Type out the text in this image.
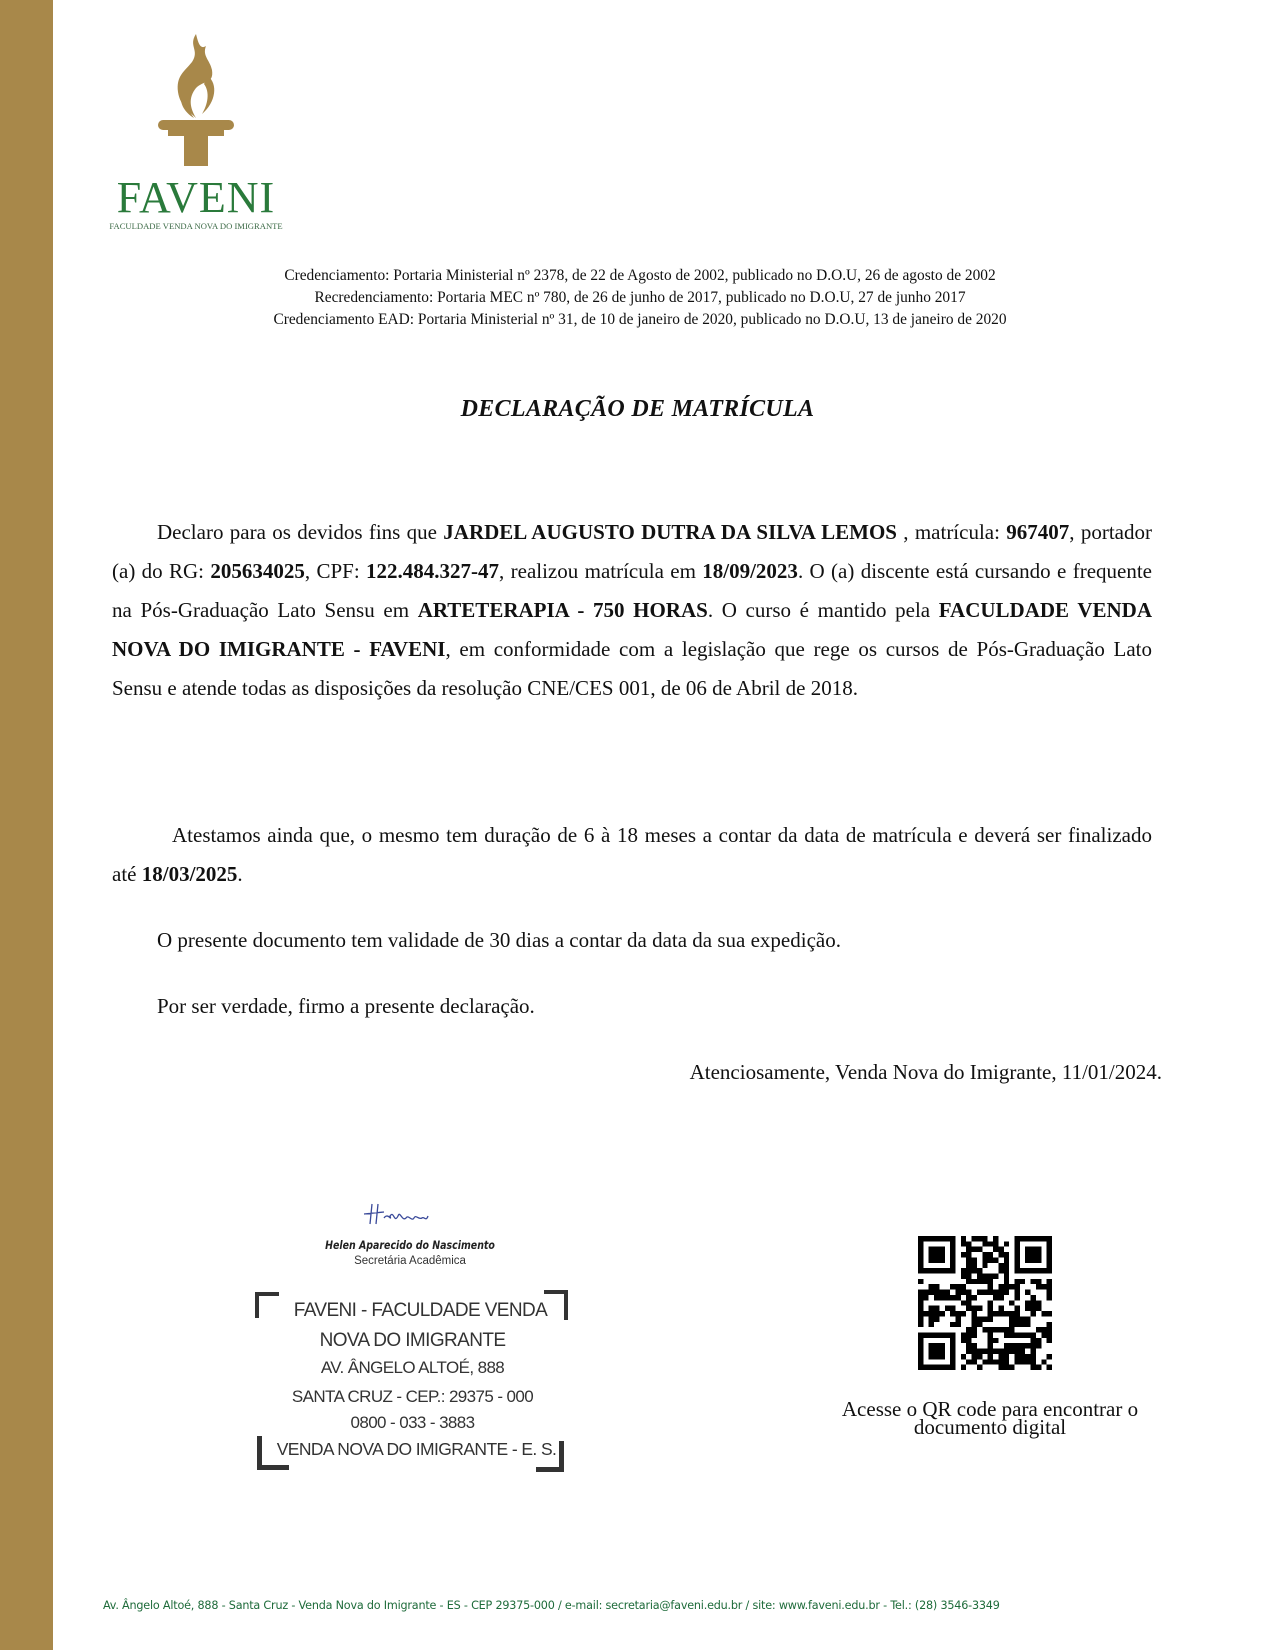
FAVENI
FACULDADE VENDA NOVA DO IMIGRANTE
Credenciamento: Portaria Ministerial nº 2378, de 22 de Agosto de 2002, publicado no D.O.U, 26 de agosto de 2002
Recredenciamento: Portaria MEC nº 780, de 26 de junho de 2017, publicado no D.O.U, 27 de junho 2017
Credenciamento EAD: Portaria Ministerial nº 31, de 10 de janeiro de 2020, publicado no D.O.U, 13 de janeiro de 2020
DECLARAÇÃO DE MATRÍCULA
Declaro para os devidos fins que JARDEL AUGUSTO DUTRA DA SILVA LEMOS , matrícula: 967407, portador (a) do RG: 205634025, CPF: 122.484.327-47, realizou matrícula em 18/09/2023. O (a) discente está cursando e frequente na Pós-Graduação Lato Sensu em ARTETERAPIA - 750 HORAS. O curso é mantido pela FACULDADE VENDA NOVA DO IMIGRANTE - FAVENI, em conformidade com a legislação que rege os cursos de Pós-Graduação Lato Sensu e atende todas as disposições da resolução CNE/CES 001, de 06 de Abril de 2018.
Atestamos ainda que, o mesmo tem duração de 6 à 18 meses a contar da data de matrícula e deverá ser finalizado até 18/03/2025.
O presente documento tem validade de 30 dias a contar da data da sua expedição.
Por ser verdade, firmo a presente declaração.
Atenciosamente, Venda Nova do Imigrante, 11/01/2024.
Helen Aparecido do Nascimento
Secretária Acadêmica
FAVENI - FACULDADE VENDA
NOVA DO IMIGRANTE
AV. ÂNGELO ALTOÉ, 888
SANTA CRUZ - CEP.: 29375 - 000
0800 - 033 - 3883
VENDA NOVA DO IMIGRANTE - E. S.
Acesse o QR code para encontrar o
documento digital
Av. Ângelo Altoé, 888 - Santa Cruz - Venda Nova do Imigrante - ES - CEP 29375-000 / e-mail: secretaria@faveni.edu.br / site: www.faveni.edu.br - Tel.: (28) 3546-3349
